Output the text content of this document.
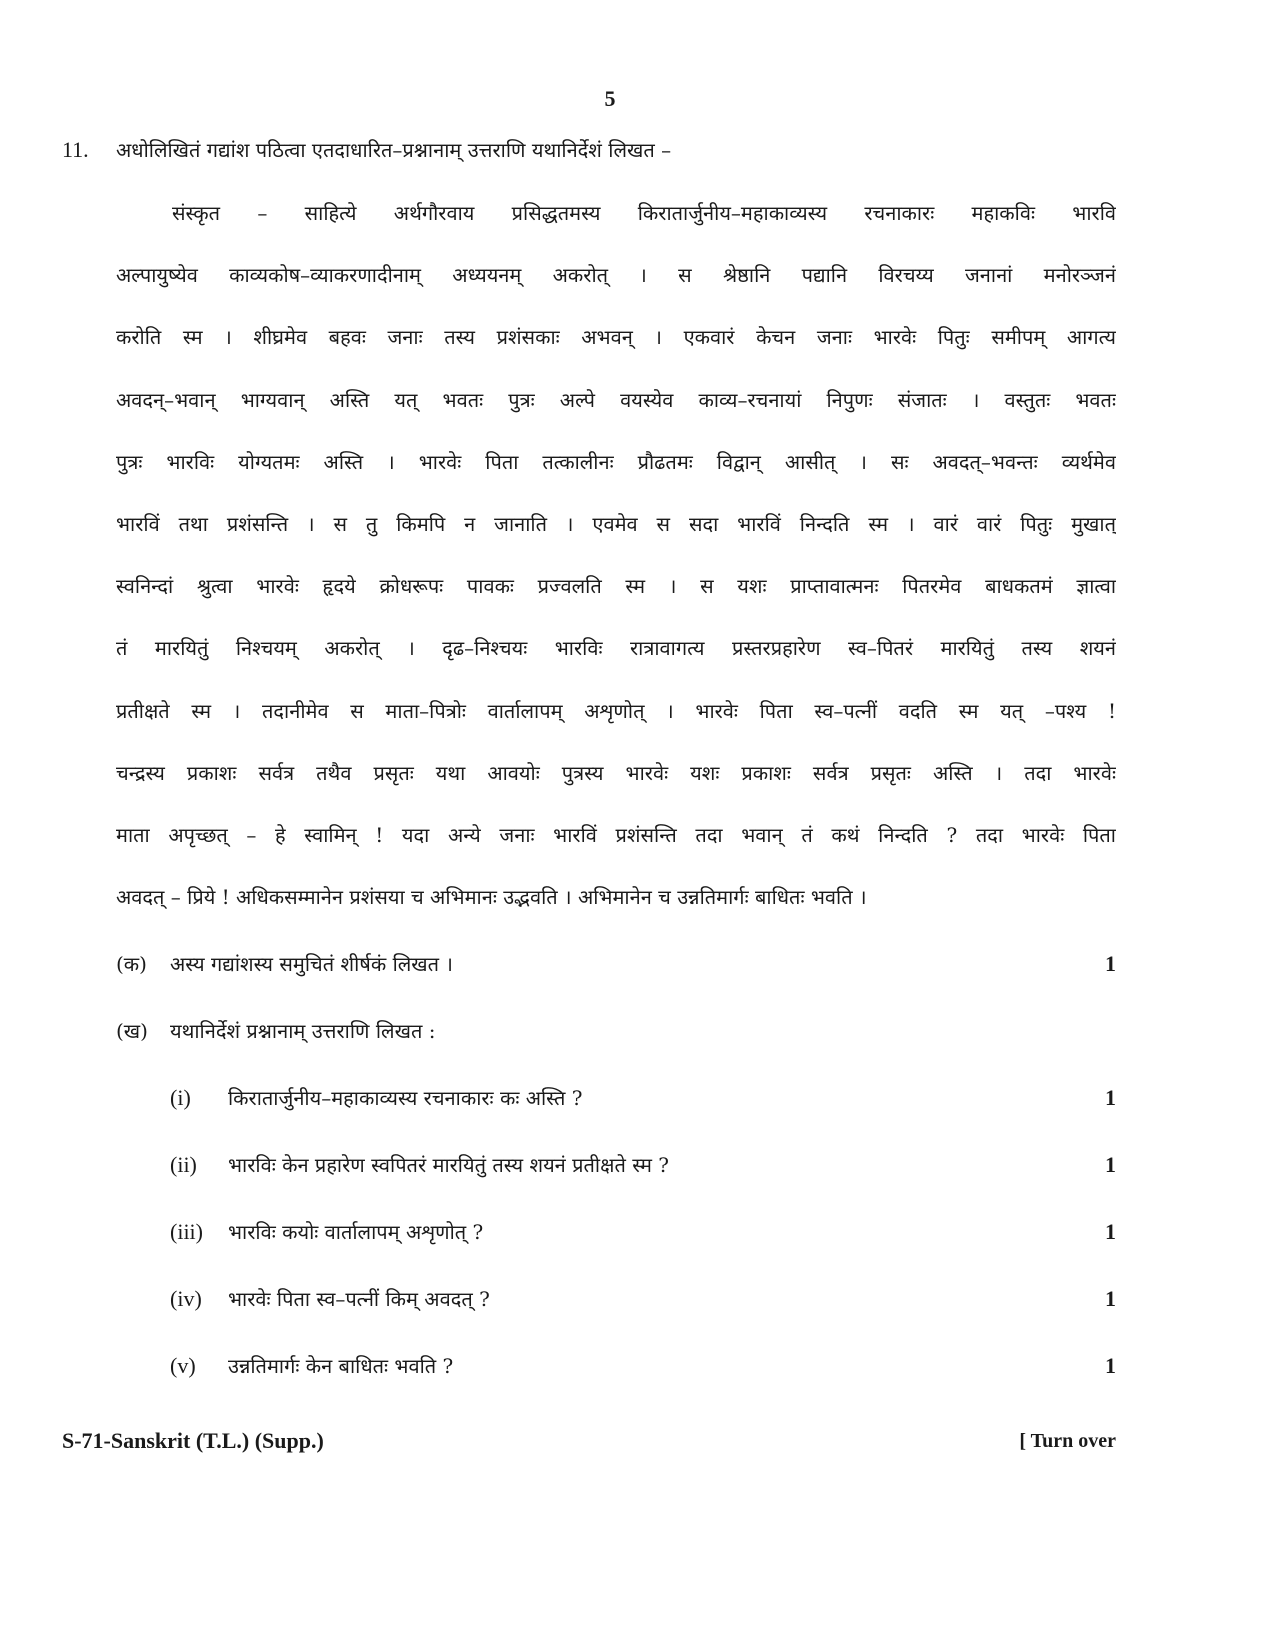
5
11. अधोलिखितं गद्यांश पठित्वा एतदाधारित–प्रश्नानाम् उत्तराणि यथानिर्देशं लिखत –
संस्कृत – साहित्ये अर्थगौरवाय प्रसिद्धतमस्य किरातार्जुनीय–महाकाव्यस्य रचनाकारः महाकविः भारवि
अल्पायुष्येव काव्यकोष–व्याकरणादीनाम् अध्ययनम् अकरोत् । स श्रेष्ठानि पद्यानि विरचय्य जनानां मनोरञ्जनं
करोति स्म । शीघ्रमेव बहवः जनाः तस्य प्रशंसकाः अभवन् । एकवारं केचन जनाः भारवेः पितुः समीपम् आगत्य
अवदन्–भवान् भाग्यवान् अस्ति यत् भवतः पुत्रः अल्पे वयस्येव काव्य–रचनायां निपुणः संजातः । वस्तुतः भवतः
पुत्रः भारविः योग्यतमः अस्ति । भारवेः पिता तत्कालीनः प्रौढतमः विद्वान् आसीत् । सः अवदत्–भवन्तः व्यर्थमेव
भारविं तथा प्रशंसन्ति । स तु किमपि न जानाति । एवमेव स सदा भारविं निन्दति स्म । वारं वारं पितुः मुखात्
स्वनिन्दां श्रुत्वा भारवेः हृदये क्रोधरूपः पावकः प्रज्वलति स्म । स यशः प्राप्तावात्मनः पितरमेव बाधकतमं ज्ञात्वा
तं मारयितुं निश्चयम् अकरोत् । दृढ–निश्चयः भारविः रात्रावागत्य प्रस्तरप्रहारेण स्व–पितरं मारयितुं तस्य शयनं
प्रतीक्षते स्म । तदानीमेव स माता–पित्रोः वार्तालापम् अशृणोत् । भारवेः पिता स्व–पत्नीं वदति स्म यत् –पश्य !
चन्द्रस्य प्रकाशः सर्वत्र तथैव प्रसृतः यथा आवयोः पुत्रस्य भारवेः यशः प्रकाशः सर्वत्र प्रसृतः अस्ति । तदा भारवेः
माता अपृच्छत् – हे स्वामिन् ! यदा अन्ये जनाः भारविं प्रशंसन्ति तदा भवान् तं कथं निन्दति ? तदा भारवेः पिता
अवदत् – प्रिये ! अधिकसम्मानेन प्रशंसया च अभिमानः उद्भवति । अभिमानेन च उन्नतिमार्गः बाधितः भवति ।
(क) अस्य गद्यांशस्य समुचितं शीर्षकं लिखत ।	1
(ख) यथानिर्देशं प्रश्नानाम् उत्तराणि लिखत :
(i) किरातार्जुनीय–महाकाव्यस्य रचनाकारः कः अस्ति ?	1
(ii) भारविः केन प्रहारेण स्वपितरं मारयितुं तस्य शयनं प्रतीक्षते स्म ?	1
(iii) भारविः कयोः वार्तालापम् अशृणोत् ?	1
(iv) भारवेः पिता स्व–पत्नीं किम् अवदत् ?	1
(v) उन्नतिमार्गः केन बाधितः भवति ?	1
S-71-Sanskrit (T.L.) (Supp.)	[ Turn over
